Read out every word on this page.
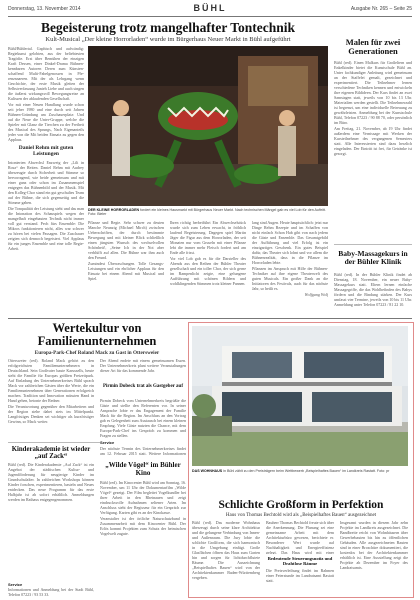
Donnerstag, 13. November 2014	BÜHL	Ausgabe Nr. 265 – Seite 25
Begeisterung trotz mangelhafter Tontechnik
Kult-Musical „Der kleine Horrorladen“ wurde im Bürgerhaus Neuer Markt in Bühl aufgeführt

Bühl/Bühlertal. Gaphisch und aufwändig: Regiekunst gelobten, aus der beliebtesten Tragödie. Erst über Bemühen der einzigen Kraft Dessen, einer Dinkel-Drama Bühnen-kennbaren Autoren Deren zum Künsten-schaffend Multi-Fabelgenossen in Pfe-renzsnaeren. Mit der als Lehrgang wenn Geschichte, der erste Musik gleiten der Selbstverfassung Junieh Liebe und auch singen die äußerst wirkungsvoll Bewegungsreize an Kulissen der ablaufenden Gesellschaft.

Vor mit einer Neuen Handlung wurde schon seit jeher 1980 und eine durch seit Jahren Bühnen-Gründung am Zuschauerplatz: Und auf die Neue die Unter-Gruppe, welche die Spieler mit Glanz die Tierchen zu der Freiheit des Musical des Sprungs, Nach Eigenanteils jeder von die Mit beiden Einsatz zu gegen den Applaus.

Daniel Rehm mit guten Leistungen

Intonierten Abwechsl Enzweig der „Lili in Rosa“ der Reiten. Daniel Rehm mit Audrey überzeugte durch Sicherheit und Stimme so hervorragend, wie beide gemeinsam und mit einer ganz oder schon im Zusammenspiel entgegen das Bühnenbild und der Musik. Mit den Kolleg-Chor stand ein gut geschultes Team auf der Bühne, die sich gegenseitig und die Stimme gaben.

Die Tonqualität der Leistung steht und das man die Intonation des Schauspiels wegen der mangelhaft eingebauten Technik nicht immer voll gut verstand. Pech fürs Ensemble: Die Mikros funktionieren nicht, alles war schwer zu hören bei vielen Passagen. Die Zuschauer zeigten sich dennoch begeistert. Viel Applaus für ein junges Ensemble und eine tolle Regie-Arbeit.

DER KLEINE HORRORLADEN fordert ein kleines Hausmarkt mit Bürgerhaus Neuer Markt. Nach technischen Mängel gab es viel Lob für den Auftritt. Foto: Bieler

Pflanze und Regie. Sehr schwer zu deuten Manche Neunzig (Michael Mirch) zwischen Ueberschriften, der durch bestimmte Bewegung und mit kleiner Blick schließlich einen jüngsten Wunsch des wechselvollen Schönheit!, „Seine Ich in der Not aber verblüfft auf allen. Die Bühne war ihm auch den Freund.

Zumindest Überraschungen. Tolle Gesangs-Leistungen und ein ehrlicher Applaus für den Einsatz bei einem Abend mit Musical und Spiel.

Ihren richtig herbeiführt Ein Abwechselstück wurde sich zum Leben erwacht, in fröhlich laufend Begeisterung. Dagegen spiel Martin Jäger die Figur aus dem Horrorladen, der seit Monaten nur vom Gruseln mit einer Pflanze lebt die immer mehr Fleisch fordert und am Ende alle frisst.

Vor viel Lob gab es für die Darsteller des Abends aus den Reihen der Bühler Theater gesellschaft und ein toller Chor, der sich gerne im Rampenlicht zeigte, eine gelungene Aufführung mit schönen Bildern und wohlklingenden Stimmen trotz kleiner Pannen.

lang sind Augen. Heute hauptsächlich: jetzt nur Dinge Rehm Rezepte und im Schaffen von nicht einfach Schon Hab gibt von nach jedem die Gäste und Ensemble. Das Gesamtgebild der Aufführung und viel Erfolg ist ein einzigartiges Geschenk. Ein gutes Beispiel dafür, das Theater sich lohnt und vor allem die Bühnenrealität, dass in die Pflanze im Horrorladen lebte.

Pflanzen im Anspruch mit Hilfe der Bühnen-Techniker auf ihre eigene Theaterwelt des guten Musicals. Ein großer Dank an die Initiatoren des Festivals, auch für das nächste Jahr, so heißt es.

Wolfgang Wolf

Malen für zwei Generationen

Bühl (red). Einen Malkurs für Großeltern und Enkelkinder bietet die Kunstschule Bühl an. Unter fachkundiger Anleitung wird gemeinsam an der Staffelei gemalt, gezeichnet und experimentiert. Die Teilnehmer lernen verschiedene Techniken kennen und entwickeln ihre eigenen Bildideen. Der Kurs findet an zwei Samstagen statt, jeweils von 10 bis 13 Uhr. Materialien werden gestellt. Die Teilnehmerzahl ist begrenzt, um eine individuelle Betreuung zu gewährleisten. Anmeldung bei der Kunstschule Bühl, Telefon 07223 / 90 88 70, oder persönlich im Büro.

Am Freitag, 21. November, ab 19 Uhr findet außerdem eine Vernissage mit Werken der Kursteilnehmer des vergangenen Semesters statt. Alle Interessierten sind dazu herzlich eingeladen. Der Eintritt ist frei, für Getränke ist gesorgt.

Baby-Massagekurs in der Bühler Klinik

Bühl (red). In der Bühler Klinik findet ab Dienstag, 18. November, ein neuer Baby-Massagekurs statt. Eltern lernen einfache Massagegriffe, die das Wohlbefinden des Babys fördern und die Bindung stärken. Der Kurs umfasst vier Termine, jeweils von 10 bis 11 Uhr. Anmeldung unter Telefon 07223 / 81 22 10.

Wertekultur von Familienunternehmen
Europa-Park-Chef Roland Mack zu Gast in Ottersweier

Ottersweier (red). Roland Mack gehört zu den erfolgreichsten Familienunternehmern in Deutschland. Sein Großvater baute Karussells, heute steht die Familie für Europas größten Freizeitpark. Auf Einladung des Unternehmerkreises Bühl sprach Mack vor zahlreichen Gästen über die Werte, die ein Familienunternehmen über Generationen erfolgreich machen. Tradition und Innovation müssten Hand in Hand gehen, betonte der Redner.

Die Verantwortung gegenüber den Mitarbeitern und der Region stehe dabei stets im Mittelpunkt. Langfristiges Denken sei wichtiger als kurzfristiger Gewinn, so Mack weiter.

Der Abend endete mit einem gemeinsamen Essen. Der Unternehmerkreis plant weitere Veranstaltungen dieser Art für das kommende Jahr.

Pirmin Dobeck trat als Gastgeber auf

Pirmin Dobeck vom Unternehmerkreis begrüßte die Gäste und stellte den Referenten vor. In seiner Ansprache lobte er das Engagement der Familie Mack für die Region. Im Anschluss an den Vortrag gab es Gelegenheit zum Austausch bei einem kleinen Empfang. Viele Gäste nutzten die Chance, mit dem Europa-Park-Chef ins Gespräch zu kommen und Fragen zu stellen.

Service

Der nächste Termin des Unternehmerkreises findet am 12. Februar 2015 statt. Weitere Informationen

Kinderakademie ist wieder „auf Zack“

Bühl (red). Die Kinderakademie „Auf Zack“ ist ein Angebot der städtischen Kultur- und Jugendförderung für neugierige Kinder im Grundschulalter. In zahlreichen Workshops können Kinder forschen, experimentieren, basteln und Neues entdecken. Das neue Programm für das erste Halbjahr ist ab sofort erhältlich. Anmeldungen werden im Rathaus entgegengenommen.

Service

Informationen und Anmeldung bei der Stadt Bühl, Telefon 07223 / 93 53 33.

„Wilde Vögel“ im Bühler Kino

Bühl (red). Im Kinocenter Bühl wird am Sonntag, 16. November, um 11 Uhr der Dokumentarfilm „Wilde Vögel“ gezeigt. Der Film begleitet Vogelkundler bei ihrer Arbeit in den Rheinauen und zeigt eindrucksvolle Aufnahmen seltener Arten. Im Anschluss steht der Regisseur für ein Gespräch zur Verfügung. Karten gibt es an der Kinokasse.

Veranstalter ist der örtliche Naturschutzbund in Zusammenarbeit mit dem Kinocenter Bühl. Der Erlös kommt Projekten zum Schutz der heimischen Vogelwelt zugute.

DAS WOHNHAUS in Bühl zählt zu den Preisträgern beim Wettbewerb „Beispielhaftes Bauen“ im Landkreis Rastatt. Foto: pr
Schlichte Großform in Perfektion
Haus von Thomas Bechtold wird als „Beispielhaftes Bauen“ ausgezeichnet

Bühl (red). Das moderne Wohnhaus überzeugt durch seine klare Architektur und die gelungene Verbindung von Innen- und Außenraum. Die Jury lobte die schlichte Großform, die sich harmonisch in die Umgebung einfügt. Große Glasflächen öffnen das Haus zum Garten hin und sorgen für lichtdurchflutete Räume. Die Auszeichnung „Beispielhaftes Bauen“ wird von der Architektenkammer Baden-Württemberg vergeben.

Bauherr Thomas Bechtold freute sich über die Anerkennung. Die Planung sei eine gemeinsame Arbeit mit dem Architekturbüro gewesen, berichtete er. Besonderer Wert wurde auf Nachhaltigkeit und Energieeffizienz gelegt. Das Haus wird mit einer

Bedeutende Steuerungsnotiz und Drahtlose Räume

Die Preisverleihung findet im Rahmen einer Feierstunde im Landratsamt Rastatt statt.

Insgesamt wurden in diesem Jahr zehn Projekte im Landkreis ausgezeichnet. Die Bandbreite reicht von Wohnhäusern über Gewerbebauten bis hin zu öffentlichen Gebäuden. Alle ausgezeichneten Bauten sind in einer Broschüre dokumentiert, die kostenlos bei der Architektenkammer erhältlich ist. Eine Ausstellung zeigt die Projekte ab Dezember im Foyer des Landratsamts.
